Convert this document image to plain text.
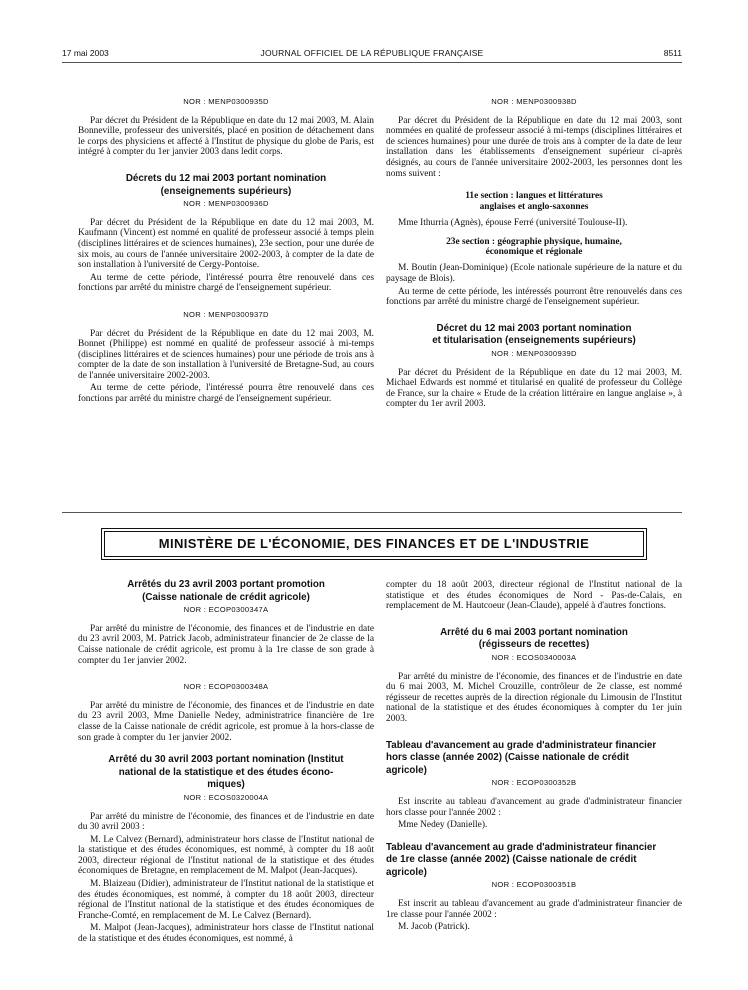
17 mai 2003	JOURNAL OFFICIEL DE LA RÉPUBLIQUE FRANÇAISE	8511
NOR : MENP0300935D

Par décret du Président de la République en date du 12 mai 2003, M. Alain Bonneville, professeur des universités, placé en position de détachement dans le corps des physiciens et affecté à l'Institut de physique du globe de Paris, est intégré à compter du 1er janvier 2003 dans ledit corps.

Décrets du 12 mai 2003 portant nomination
(enseignements supérieurs)
NOR : MENP0300936D

Par décret du Président de la République en date du 12 mai 2003, M. Kaufmann (Vincent) est nommé en qualité de professeur associé à temps plein (disciplines littéraires et de sciences humaines), 23e section, pour une durée de six mois, au cours de l'année universitaire 2002-2003, à compter de la date de son installation à l'université de Cergy-Pontoise.

Au terme de cette période, l'intéressé pourra être renouvelé dans ces fonctions par arrêté du ministre chargé de l'enseignement supérieur.

NOR : MENP0300937D

Par décret du Président de la République en date du 12 mai 2003, M. Bonnet (Philippe) est nommé en qualité de professeur associé à mi-temps (disciplines littéraires et de sciences humaines) pour une période de trois ans à compter de la date de son installation à l'université de Bretagne-Sud, au cours de l'année universitaire 2002-2003.

Au terme de cette période, l'intéressé pourra être renouvelé dans ces fonctions par arrêté du ministre chargé de l'enseignement supérieur.

NOR : MENP0300938D

Par décret du Président de la République en date du 12 mai 2003, sont nommées en qualité de professeur associé à mi-temps (disciplines littéraires et de sciences humaines) pour une durée de trois ans à compter de la date de leur installation dans les établissements d'enseignement supérieur ci-après désignés, au cours de l'année universitaire 2002-2003, les personnes dont les noms suivent :

11e section : langues et littératures
anglaises et anglo-saxonnes

Mme Ithurria (Agnès), épouse Ferré (université Toulouse-II).

23e section : géographie physique, humaine,
économique et régionale

M. Boutin (Jean-Dominique) (Ecole nationale supérieure de la nature et du paysage de Blois).

Au terme de cette période, les intéressés pourront être renouvelés dans ces fonctions par arrêté du ministre chargé de l'enseignement supérieur.

Décret du 12 mai 2003 portant nomination
et titularisation (enseignements supérieurs)
NOR : MENP0300939D

Par décret du Président de la République en date du 12 mai 2003, M. Michael Edwards est nommé et titularisé en qualité de professeur du Collège de France, sur la chaire « Etude de la création littéraire en langue anglaise », à compter du 1er avril 2003.

MINISTÈRE DE L'ÉCONOMIE, DES FINANCES ET DE L'INDUSTRIE
Arrêtés du 23 avril 2003 portant promotion
(Caisse nationale de crédit agricole)
NOR : ECOP0300347A

Par arrêté du ministre de l'économie, des finances et de l'industrie en date du 23 avril 2003, M. Patrick Jacob, administrateur financier de 2e classe de la Caisse nationale de crédit agricole, est promu à la 1re classe de son grade à compter du 1er janvier 2002.

NOR : ECOP0300348A

Par arrêté du ministre de l'économie, des finances et de l'industrie en date du 23 avril 2003, Mme Danielle Nedey, administratrice financière de 1re classe de la Caisse nationale de crédit agricole, est promue à la hors-classe de son grade à compter du 1er janvier 2002.

Arrêté du 30 avril 2003 portant nomination (Institut
national de la statistique et des études écono-
miques)
NOR : ECOS0320004A

Par arrêté du ministre de l'économie, des finances et de l'industrie en date du 30 avril 2003 :

M. Le Calvez (Bernard), administrateur hors classe de l'Institut national de la statistique et des études économiques, est nommé, à compter du 18 août 2003, directeur régional de l'Institut national de la statistique et des études économiques de Bretagne, en remplacement de M. Malpot (Jean-Jacques).

M. Blaizeau (Didier), administrateur de l'Institut national de la statistique et des études économiques, est nommé, à compter du 18 août 2003, directeur régional de l'Institut national de la statistique et des études économiques de Franche-Comté, en remplacement de M. Le Calvez (Bernard).

M. Malpot (Jean-Jacques), administrateur hors classe de l'Institut national de la statistique et des études économiques, est nommé, à

compter du 18 août 2003, directeur régional de l'Institut national de la statistique et des études économiques de Nord - Pas-de-Calais, en remplacement de M. Hautcoeur (Jean-Claude), appelé à d'autres fonctions.

Arrêté du 6 mai 2003 portant nomination
(régisseurs de recettes)
NOR : ECOS0340003A

Par arrêté du ministre de l'économie, des finances et de l'industrie en date du 6 mai 2003, M. Michel Crouzille, contrôleur de 2e classe, est nommé régisseur de recettes auprès de la direction régionale du Limousin de l'Institut national de la statistique et des études économiques à compter du 1er juin 2003.

Tableau d'avancement au grade d'administrateur financier
hors classe (année 2002) (Caisse nationale de crédit
agricole)
NOR : ECOP0300352B

Est inscrite au tableau d'avancement au grade d'administrateur financier hors classe pour l'année 2002 :

Mme Nedey (Danielle).

Tableau d'avancement au grade d'administrateur financier
de 1re classe (année 2002) (Caisse nationale de crédit
agricole)
NOR : ECOP0300351B

Est inscrit au tableau d'avancement au grade d'administrateur financier de 1re classe pour l'année 2002 :

M. Jacob (Patrick).
